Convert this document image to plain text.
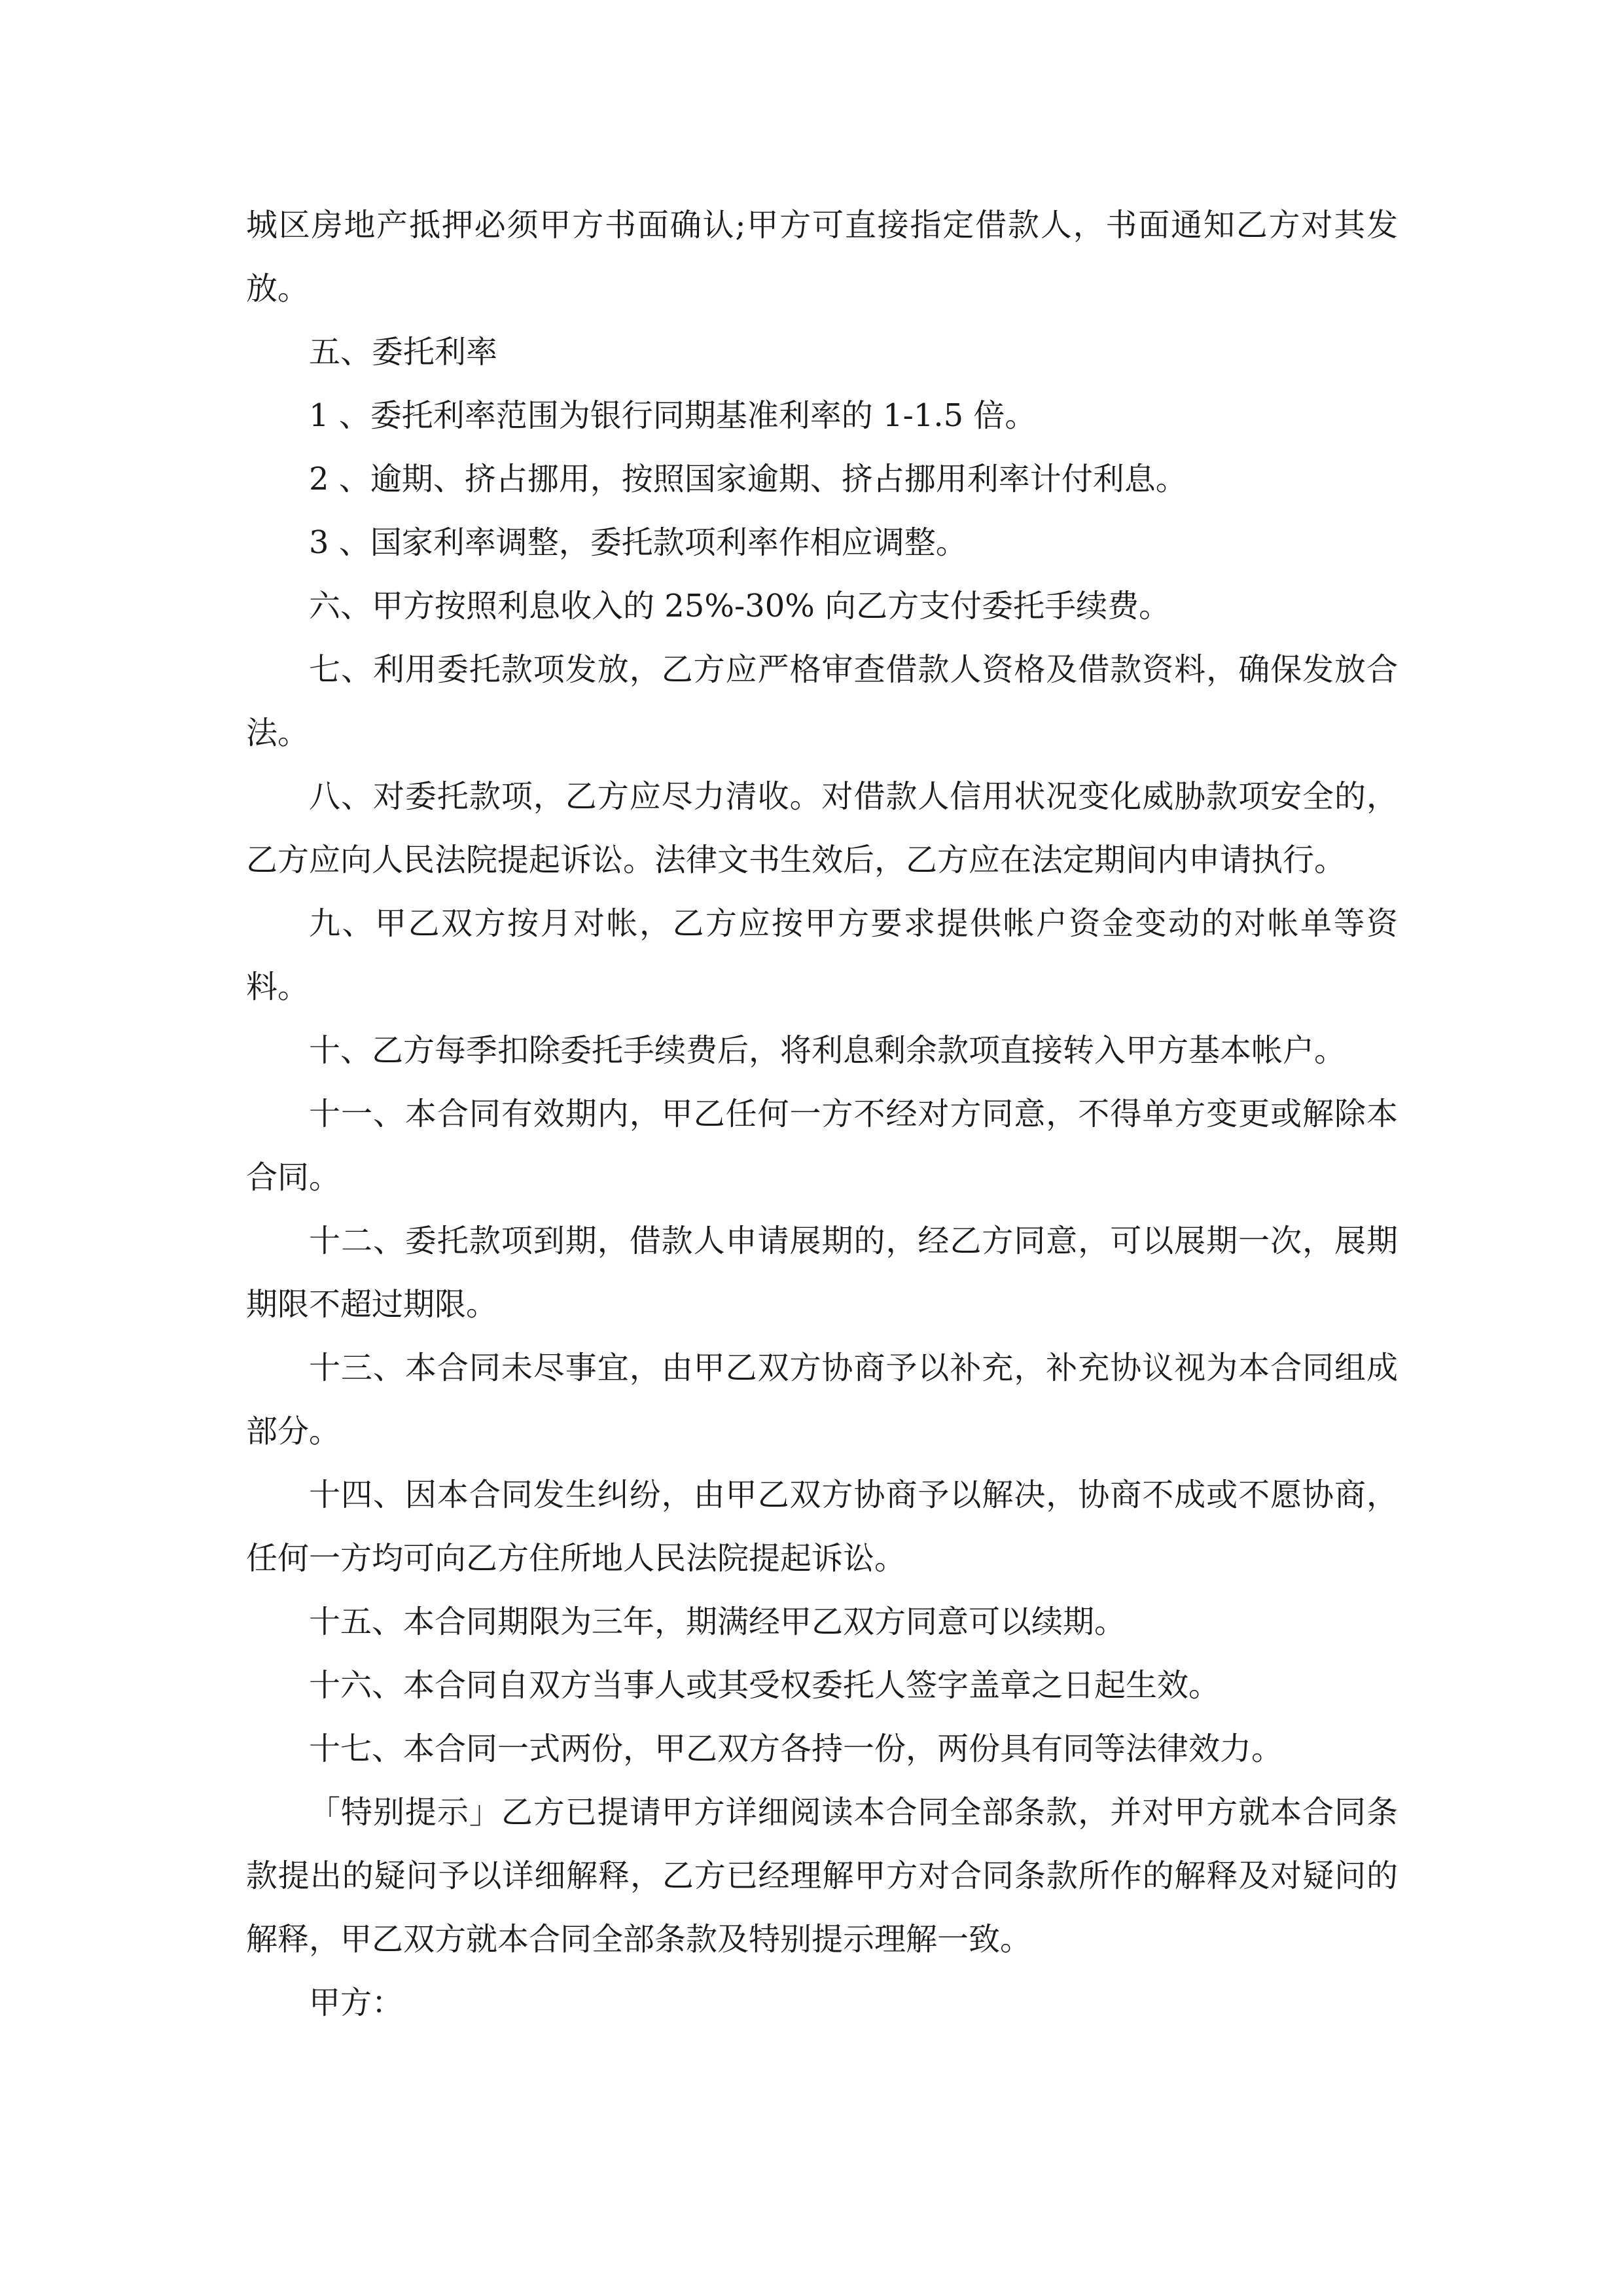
城区房地产抵押必须甲方书面确认;甲方可直接指定借款人，书面通知乙方对其发放。

五、委托利率

1 、委托利率范围为银行同期基准利率的 1-1.5 倍。

2 、逾期、挤占挪用，按照国家逾期、挤占挪用利率计付利息。

3 、国家利率调整，委托款项利率作相应调整。

六、甲方按照利息收入的 25%-30% 向乙方支付委托手续费。

七、利用委托款项发放，乙方应严格审查借款人资格及借款资料，确保发放合法。

八、对委托款项，乙方应尽力清收。对借款人信用状况变化威胁款项安全的，乙方应向人民法院提起诉讼。法律文书生效后，乙方应在法定期间内申请执行。

九、甲乙双方按月对帐，乙方应按甲方要求提供帐户资金变动的对帐单等资料。

十、乙方每季扣除委托手续费后，将利息剩余款项直接转入甲方基本帐户。

十一、本合同有效期内，甲乙任何一方不经对方同意，不得单方变更或解除本合同。

十二、委托款项到期，借款人申请展期的，经乙方同意，可以展期一次，展期期限不超过期限。

十三、本合同未尽事宜，由甲乙双方协商予以补充，补充协议视为本合同组成部分。

十四、因本合同发生纠纷，由甲乙双方协商予以解决，协商不成或不愿协商，任何一方均可向乙方住所地人民法院提起诉讼。

十五、本合同期限为三年，期满经甲乙双方同意可以续期。

十六、本合同自双方当事人或其受权委托人签字盖章之日起生效。

十七、本合同一式两份，甲乙双方各持一份，两份具有同等法律效力。

「特别提示」乙方已提请甲方详细阅读本合同全部条款，并对甲方就本合同条款提出的疑问予以详细解释，乙方已经理解甲方对合同条款所作的解释及对疑问的解释，甲乙双方就本合同全部条款及特别提示理解一致。

甲方：
